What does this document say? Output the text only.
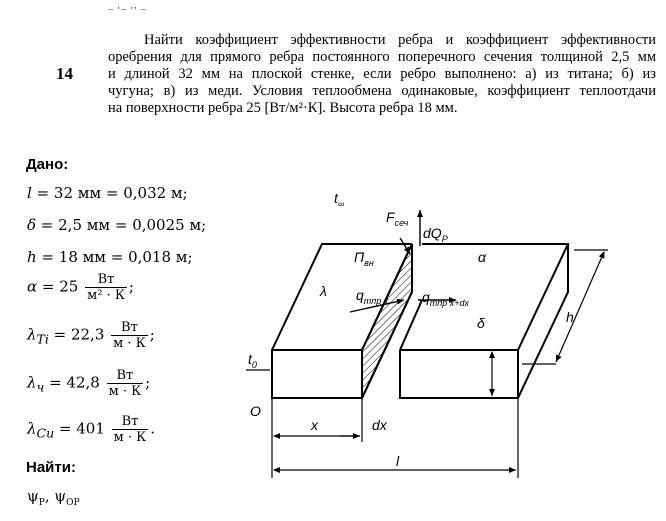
_ ,_ ,, _
14
Найти коэффициент эффективности ребра и коэффициент эффективности
оребрения для прямого ребра постоянного поперечного сечения толщиной 2,5 мм
и длиной 32 мм на плоской стенке, если ребро выполнено: а) из титана; б) из
чугуна; в) из меди. Условия теплообмена одинаковые, коэффициент теплоотдачи
на поверхности ребра 25 [Вт/м²·К]. Высота ребра 18 мм.
Дано:
l = 32 мм = 0,032 м;
δ = 2,5 мм = 0,0025 м;
h = 18 мм = 0,018 м;
$\alpha = 25 \frac{Вт}{\text{м² · К}}$ ;
$\lambda_{Ti} = 22,3 \frac{Вт}{м \cdot К}$ ;
$\lambda_ч = 42,8 \frac{Вт}{м \cdot К}$ ;
$\lambda_{Cu} = 401 \frac{Вт}{м \cdot К}$ .
Найти:
$\psi_Р$, $\psi_{ОР}$
$t_\infty$
$F_{сеч}$
$dQ_P$
$П_{вн}$	α
λ $q_{тпр x}$ $q_{тпр x+dx}$
δ	h
$t_0$
O
x	dx
l
